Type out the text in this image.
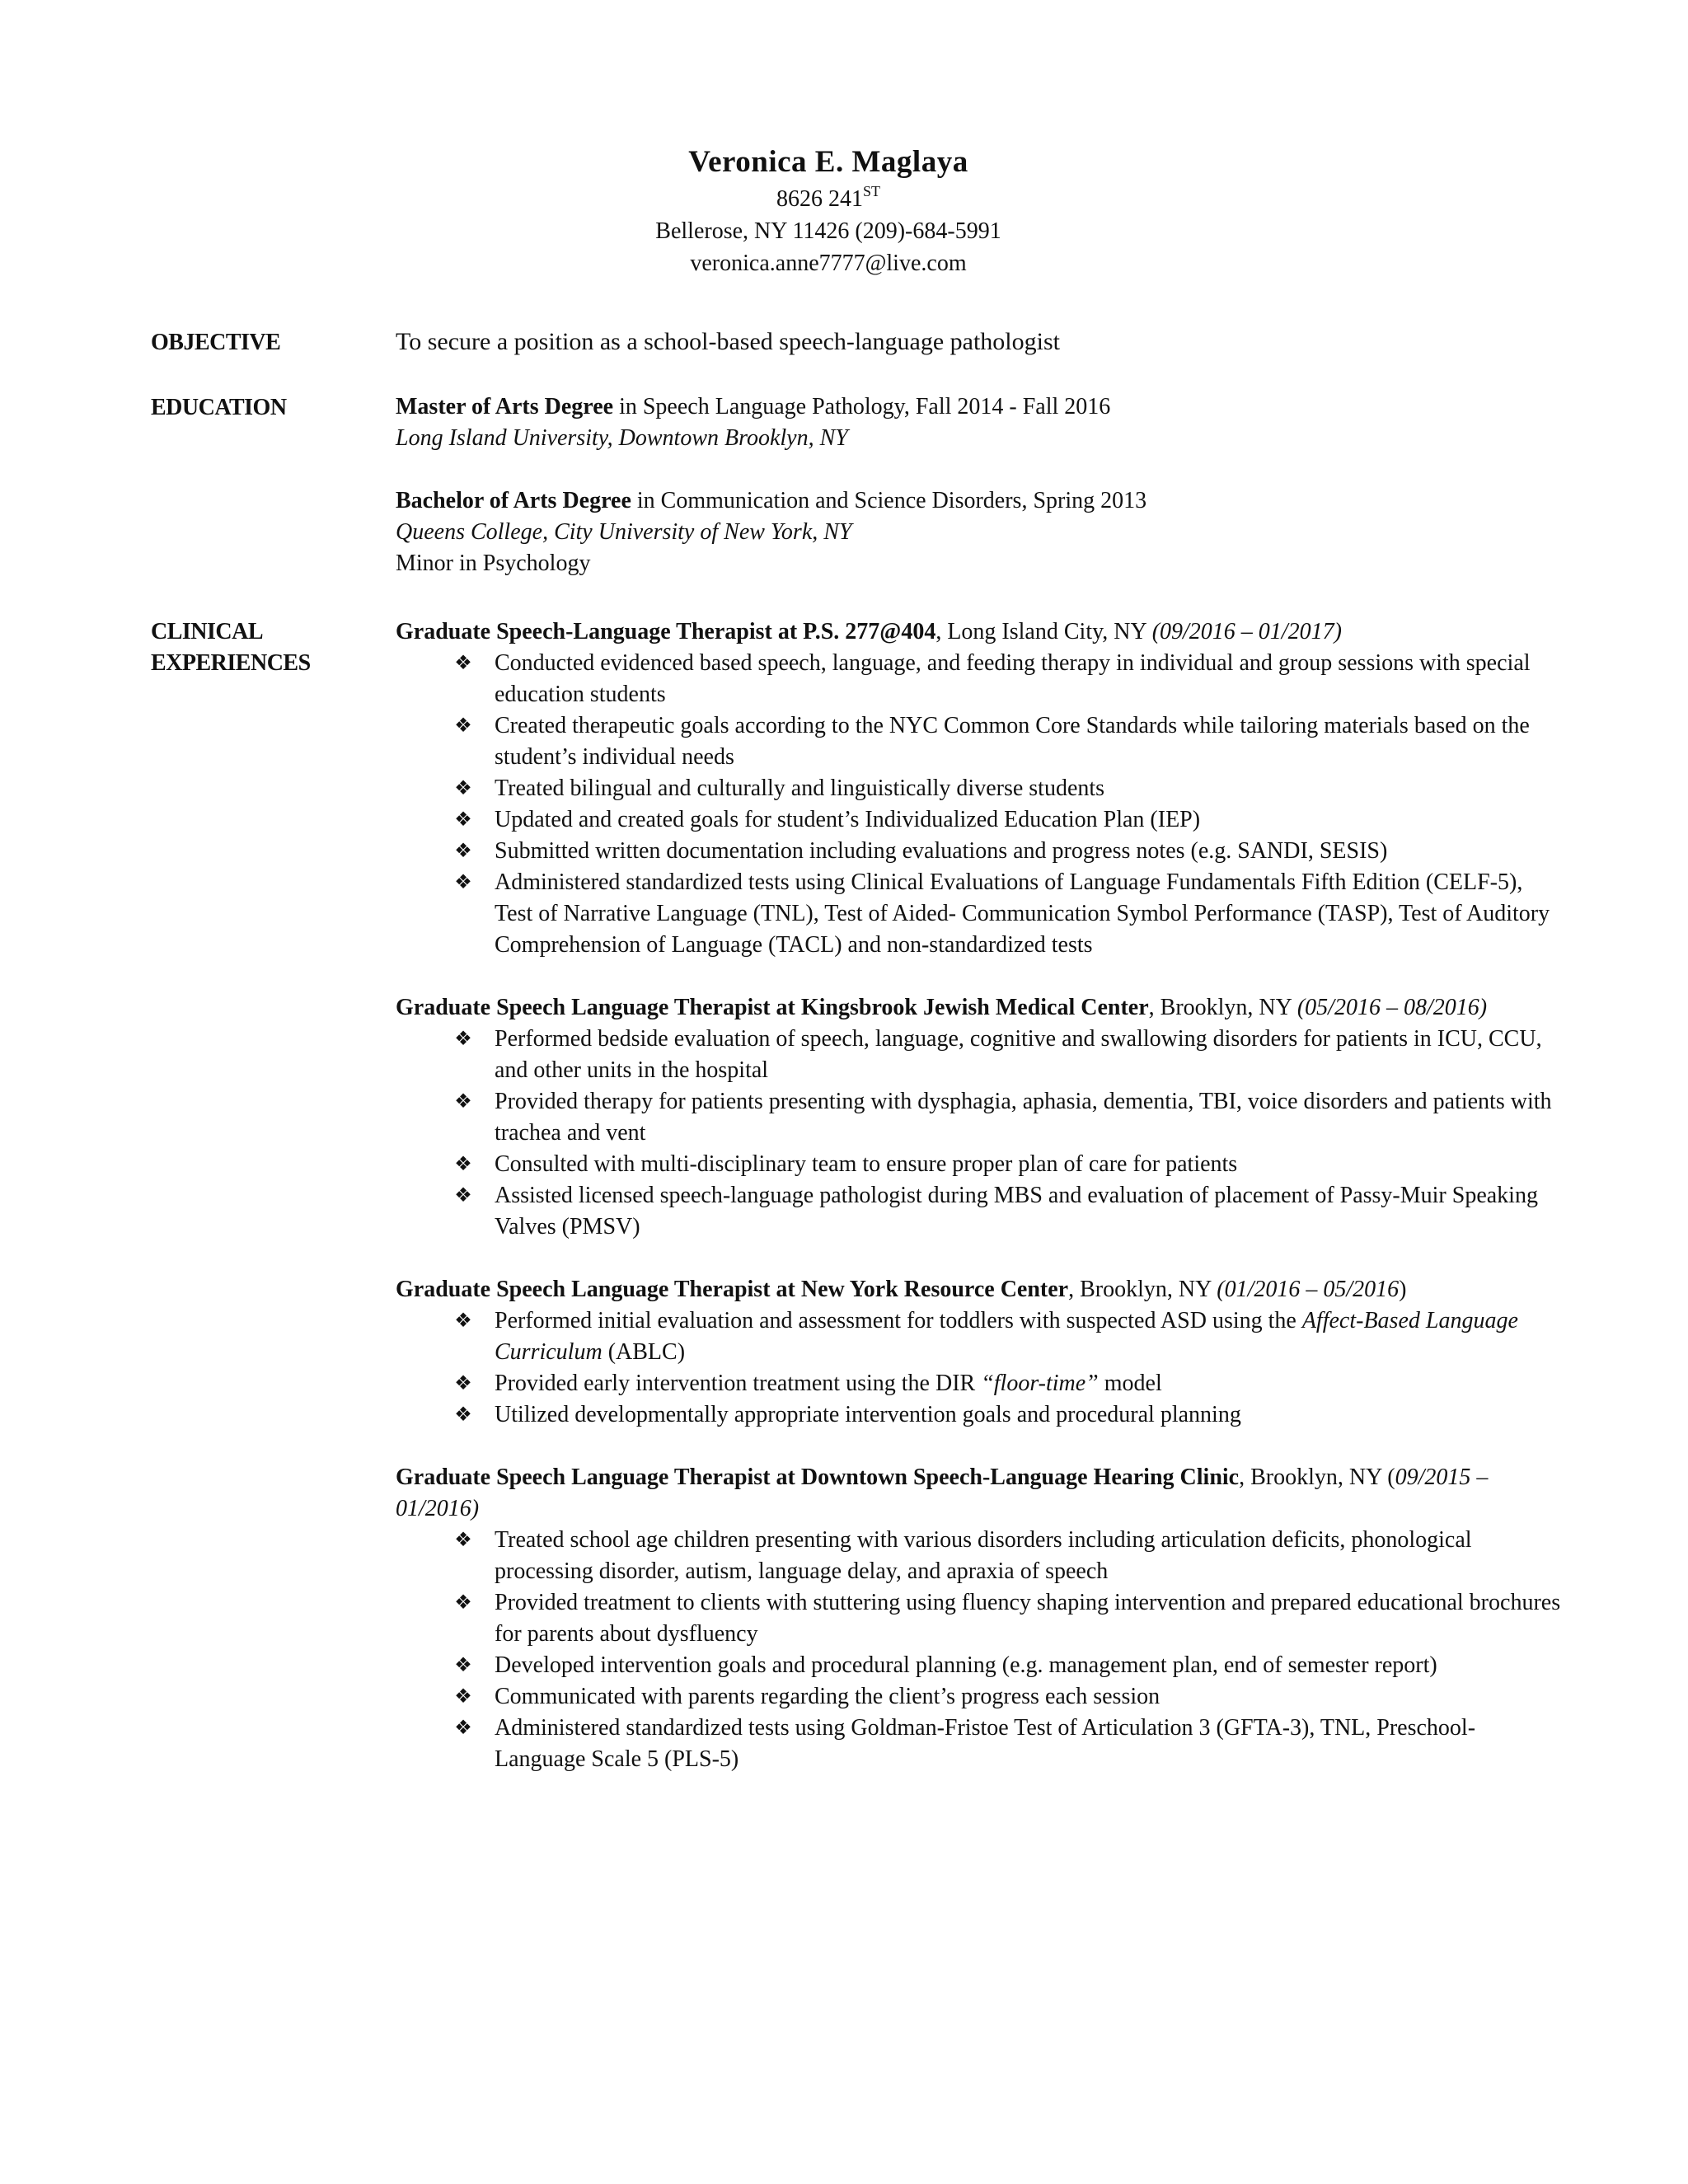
Veronica E. Maglaya
8626 241ST
Bellerose, NY 11426 (209)-684-5991
veronica.anne7777@live.com
OBJECTIVE	To secure a position as a school-based speech-language pathologist
EDUCATION	Master of Arts Degree in Speech Language Pathology, Fall 2014 - Fall 2016
Long Island University, Downtown Brooklyn, NY
Bachelor of Arts Degree in Communication and Science Disorders, Spring 2013
Queens College, City University of New York, NY
Minor in Psychology
CLINICAL
EXPERIENCES
Graduate Speech-Language Therapist at P.S. 277@404, Long Island City, NY (09/2016 – 01/2017)
❖ Conducted evidenced based speech, language, and feeding therapy in individual and group sessions with special education students
❖ Created therapeutic goals according to the NYC Common Core Standards while tailoring materials based on the student’s individual needs
❖ Treated bilingual and culturally and linguistically diverse students
❖ Updated and created goals for student’s Individualized Education Plan (IEP)
❖ Submitted written documentation including evaluations and progress notes (e.g. SANDI, SESIS)
❖ Administered standardized tests using Clinical Evaluations of Language Fundamentals Fifth Edition (CELF-5), Test of Narrative Language (TNL), Test of Aided- Communication Symbol Performance (TASP), Test of Auditory Comprehension of Language (TACL) and non-standardized tests
Graduate Speech Language Therapist at Kingsbrook Jewish Medical Center, Brooklyn, NY (05/2016 – 08/2016)
❖ Performed bedside evaluation of speech, language, cognitive and swallowing disorders for patients in ICU, CCU, and other units in the hospital
❖ Provided therapy for patients presenting with dysphagia, aphasia, dementia, TBI, voice disorders and patients with trachea and vent
❖ Consulted with multi-disciplinary team to ensure proper plan of care for patients
❖ Assisted licensed speech-language pathologist during MBS and evaluation of placement of Passy-Muir Speaking Valves (PMSV)
Graduate Speech Language Therapist at New York Resource Center, Brooklyn, NY (01/2016 – 05/2016)
❖ Performed initial evaluation and assessment for toddlers with suspected ASD using the Affect-Based Language Curriculum (ABLC)
❖ Provided early intervention treatment using the DIR “floor-time” model
❖ Utilized developmentally appropriate intervention goals and procedural planning
Graduate Speech Language Therapist at Downtown Speech-Language Hearing Clinic, Brooklyn, NY (09/2015 – 01/2016)
❖ Treated school age children presenting with various disorders including articulation deficits, phonological processing disorder, autism, language delay, and apraxia of speech
❖ Provided treatment to clients with stuttering using fluency shaping intervention and prepared educational brochures for parents about dysfluency
❖ Developed intervention goals and procedural planning (e.g. management plan, end of semester report)
❖ Communicated with parents regarding the client’s progress each session
❖ Administered standardized tests using Goldman-Fristoe Test of Articulation 3 (GFTA-3), TNL, Preschool-Language Scale 5 (PLS-5)
